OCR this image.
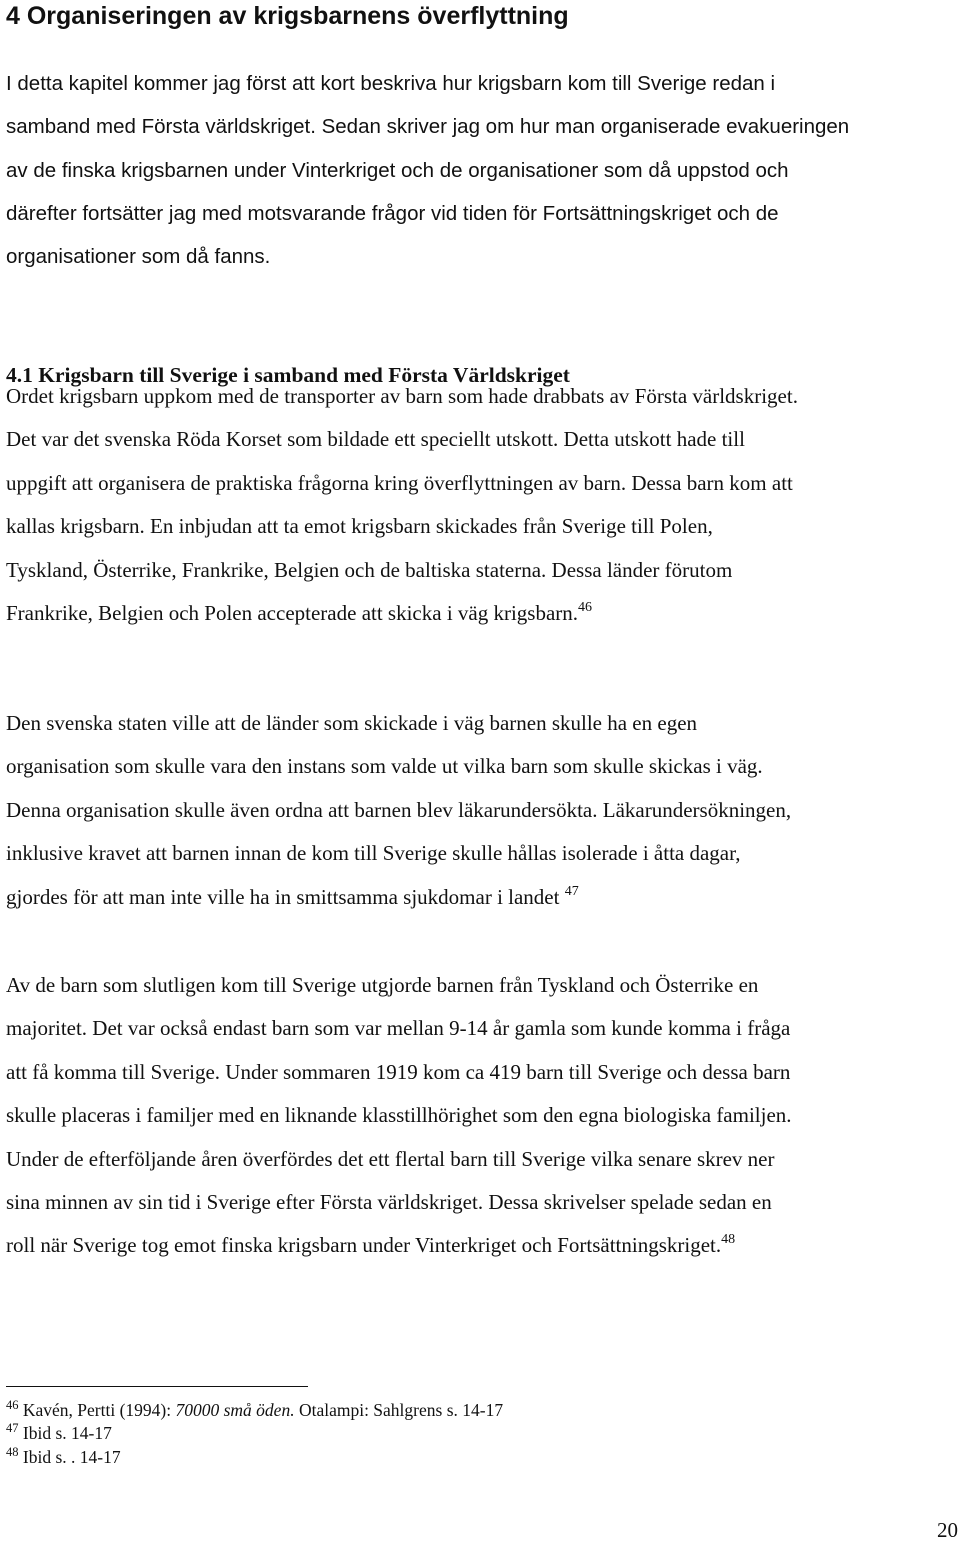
4 Organiseringen av krigsbarnens överflyttning

I detta kapitel kommer jag först att kort beskriva hur krigsbarn kom till Sverige redan i
samband med Första världskriget. Sedan skriver jag om hur man organiserade evakueringen
av de finska krigsbarnen under Vinterkriget och de organisationer som då uppstod och
därefter fortsätter jag med motsvarande frågor vid tiden för Fortsättningskriget och de
organisationer som då fanns.

4.1 Krigsbarn till Sverige i samband med Första Världskriget

Ordet krigsbarn uppkom med de transporter av barn som hade drabbats av Första världskriget.
Det var det svenska Röda Korset som bildade ett speciellt utskott. Detta utskott hade till
uppgift att organisera de praktiska frågorna kring överflyttningen av barn. Dessa barn kom att
kallas krigsbarn. En inbjudan att ta emot krigsbarn skickades från Sverige till Polen,
Tyskland, Österrike, Frankrike, Belgien och de baltiska staterna. Dessa länder förutom
Frankrike, Belgien och Polen accepterade att skicka i väg krigsbarn.$^{46}$

Den svenska staten ville att de länder som skickade i väg barnen skulle ha en egen
organisation som skulle vara den instans som valde ut vilka barn som skulle skickas i väg.
Denna organisation skulle även ordna att barnen blev läkarundersökta. Läkarundersökningen,
inklusive kravet att barnen innan de kom till Sverige skulle hållas isolerade i åtta dagar,
gjordes för att man inte ville ha in smittsamma sjukdomar i landet $^{47}$

Av de barn som slutligen kom till Sverige utgjorde barnen från Tyskland och Österrike en
majoritet. Det var också endast barn som var mellan 9-14 år gamla som kunde komma i fråga
att få komma till Sverige. Under sommaren 1919 kom ca 419 barn till Sverige och dessa barn
skulle placeras i familjer med en liknande klasstillhörighet som den egna biologiska familjen.
Under de efterföljande åren överfördes det ett flertal barn till Sverige vilka senare skrev ner
sina minnen av sin tid i Sverige efter Första världskriget. Dessa skrivelser spelade sedan en
roll när Sverige tog emot finska krigsbarn under Vinterkriget och Fortsättningskriget.$^{48}$

$^{46}$ Kavén, Pertti (1994): 70000 små öden. Otalampi: Sahlgrens s. 14-17
$^{47}$ Ibid s. 14-17
$^{48}$ Ibid s. . 14-17
20
